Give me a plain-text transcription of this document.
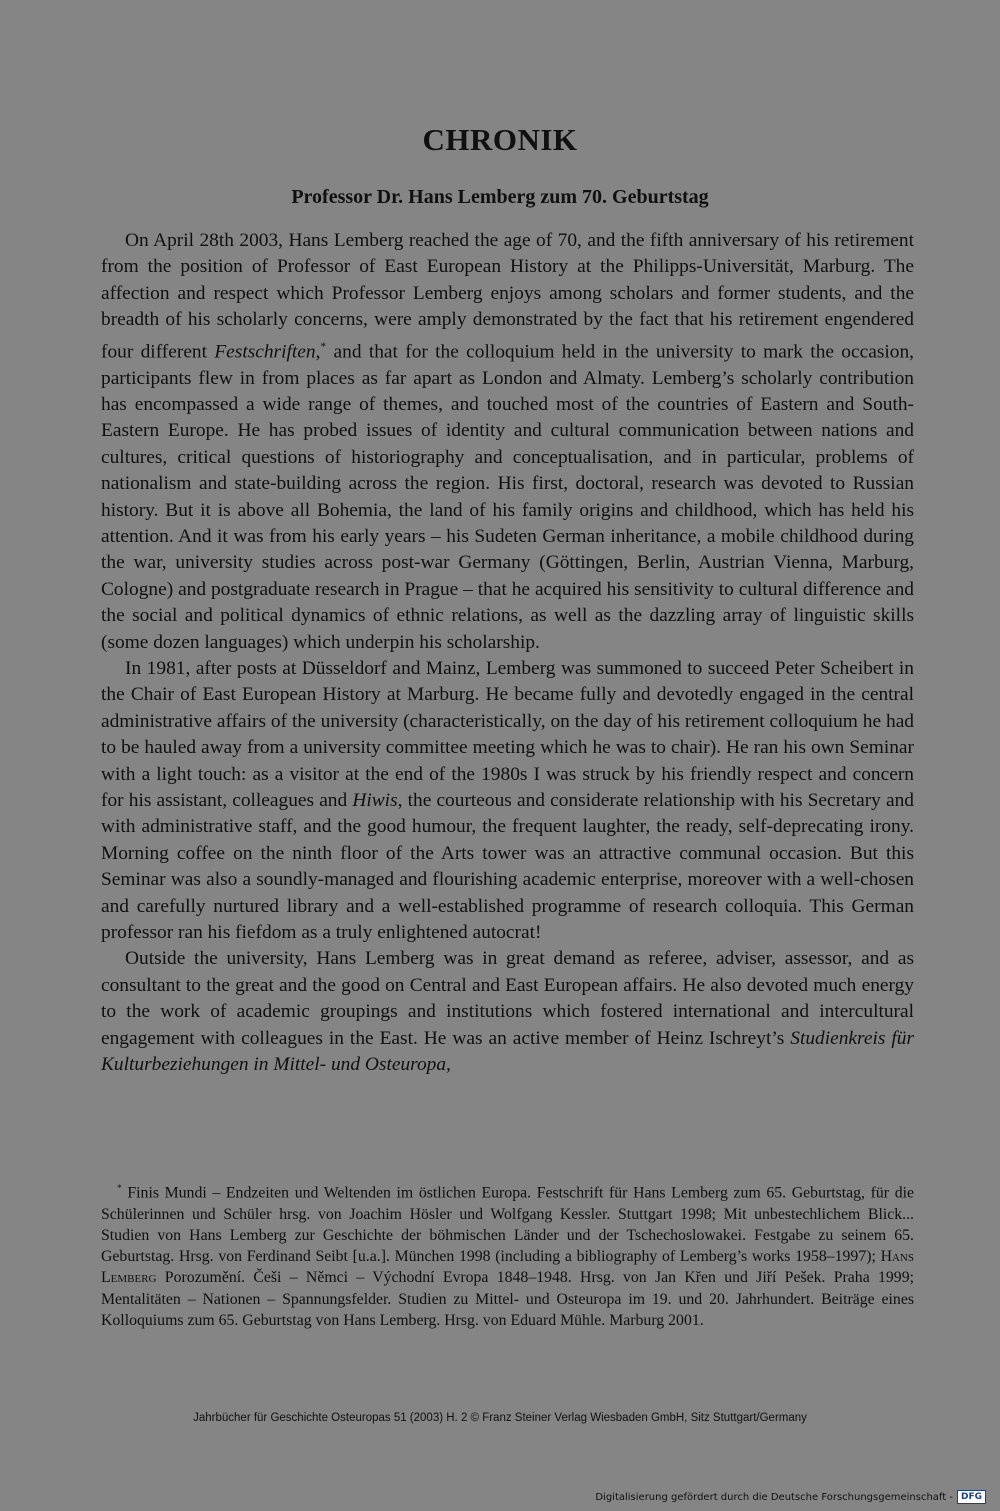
CHRONIK
Professor Dr. Hans Lemberg zum 70. Geburtstag

On April 28th 2003, Hans Lemberg reached the age of 70, and the fifth anniversary of his retirement from the position of Professor of East European History at the Philipps-Universität, Marburg. The affection and respect which Professor Lemberg enjoys among scholars and former students, and the breadth of his scholarly concerns, were amply demonstrated by the fact that his retirement engendered four different Festschriften,* and that for the colloquium held in the university to mark the occasion, participants flew in from places as far apart as London and Almaty. Lemberg’s scholarly contribution has encompassed a wide range of themes, and touched most of the countries of Eastern and South-Eastern Europe. He has probed issues of identity and cultural communication between nations and cultures, critical questions of historiography and conceptualisation, and in particular, problems of nationalism and state-building across the region. His first, doctoral, research was devoted to Russian history. But it is above all Bohemia, the land of his family origins and childhood, which has held his attention. And it was from his early years – his Sudeten German inheritance, a mobile childhood during the war, university studies across post-war Germany (Göttingen, Berlin, Austrian Vienna, Marburg, Cologne) and postgraduate research in Prague – that he acquired his sensitivity to cultural difference and the social and political dynamics of ethnic relations, as well as the dazzling array of linguistic skills (some dozen languages) which underpin his scholarship.

In 1981, after posts at Düsseldorf and Mainz, Lemberg was summoned to succeed Peter Scheibert in the Chair of East European History at Marburg. He became fully and devotedly engaged in the central administrative affairs of the university (characteristically, on the day of his retirement colloquium he had to be hauled away from a university committee meeting which he was to chair). He ran his own Seminar with a light touch: as a visitor at the end of the 1980s I was struck by his friendly respect and concern for his assistant, colleagues and Hiwis, the courteous and considerate relationship with his Secretary and with administrative staff, and the good humour, the frequent laughter, the ready, self-deprecating irony. Morning coffee on the ninth floor of the Arts tower was an attractive communal occasion. But this Seminar was also a soundly-managed and flourishing academic enterprise, moreover with a well-chosen and carefully nurtured library and a well-established programme of research colloquia. This German professor ran his fiefdom as a truly enlightened autocrat!

Outside the university, Hans Lemberg was in great demand as referee, adviser, assessor, and as consultant to the great and the good on Central and East European affairs. He also devoted much energy to the work of academic groupings and institutions which fostered international and intercultural engagement with colleagues in the East. He was an active member of Heinz Ischreyt’s Studienkreis für Kulturbeziehungen in Mittel- und Osteuropa,

* Finis Mundi – Endzeiten und Weltenden im östlichen Europa. Festschrift für Hans Lemberg zum 65. Geburtstag, für die Schülerinnen und Schüler hrsg. von Joachim Hösler und Wolfgang Kessler. Stuttgart 1998; Mit unbestechlichem Blick... Studien von Hans Lemberg zur Geschichte der böhmischen Länder und der Tschechoslowakei. Festgabe zu seinem 65. Geburtstag. Hrsg. von Ferdinand Seibt [u.a.]. München 1998 (including a bibliography of Lemberg’s works 1958–1997); Hans Lemberg Porozumění. Češi – Němci – Východní Evropa 1848–1948. Hrsg. von Jan Křen und Jiří Pešek. Praha 1999; Mentalitäten – Nationen – Spannungsfelder. Studien zu Mittel- und Osteuropa im 19. und 20. Jahrhundert. Beiträge eines Kolloquiums zum 65. Geburtstag von Hans Lemberg. Hrsg. von Eduard Mühle. Marburg 2001.

Jahrbücher für Geschichte Osteuropas 51 (2003) H. 2 © Franz Steiner Verlag Wiesbaden GmbH, Sitz Stuttgart/Germany
Digitalisierung gefördert durch die Deutsche Forschungsgemeinschaft - DFG
